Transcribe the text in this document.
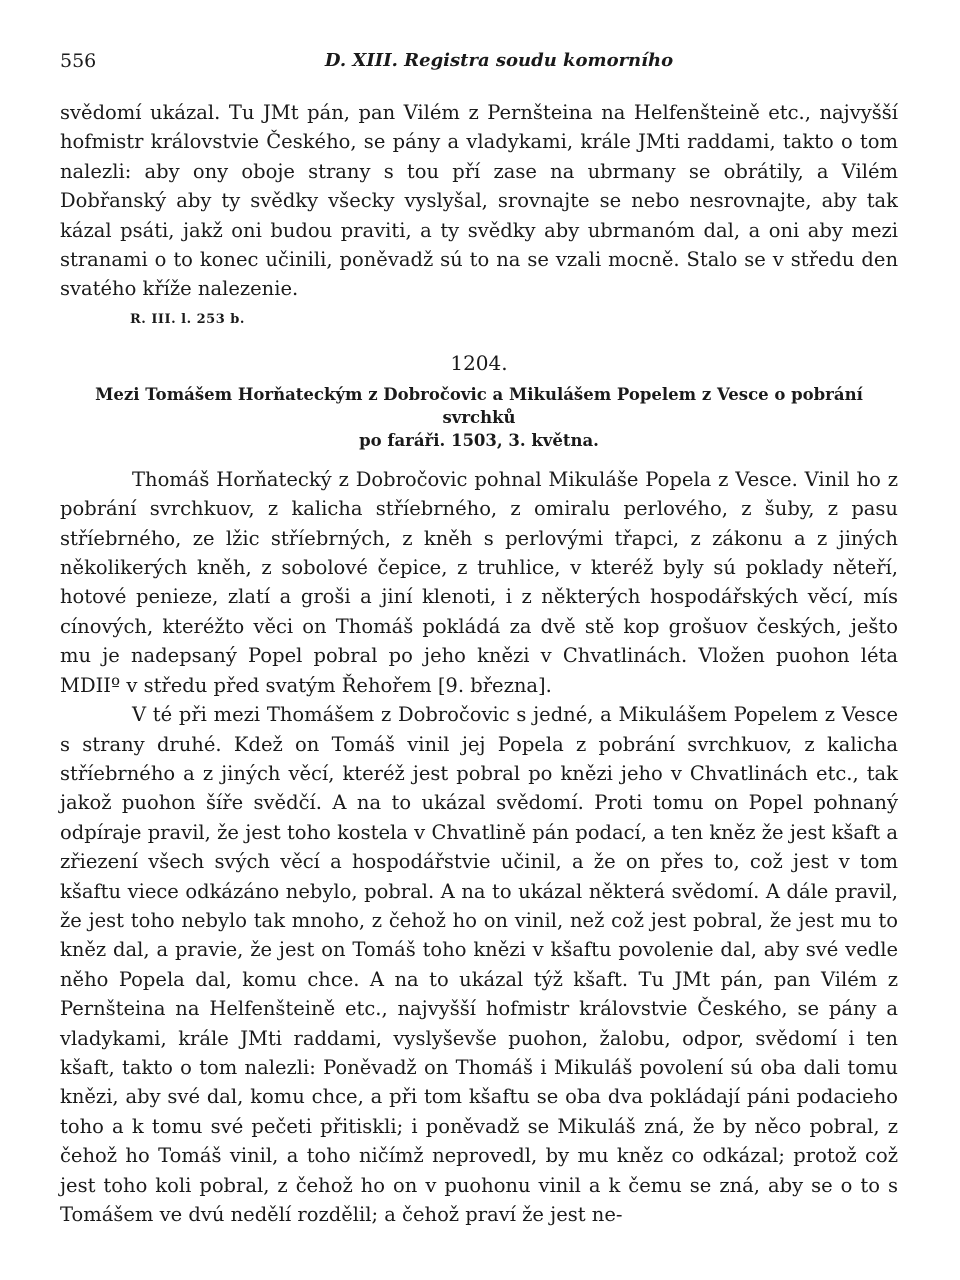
556	D. XIII. Registra soudu komorního

svědomí ukázal. Tu JMt pán, pan Vilém z Pernšteina na Helfenšteině etc., najvyšší hofmistr královstvie Českého, se pány a vladykami, krále JMti raddami, takto o tom nalezli: aby ony oboje strany s tou pří zase na ubrmany se obrátily, a Vilém Dobřanský aby ty svědky všecky vyslyšal, srovnajte se nebo nesrovnajte, aby tak kázal psáti, jakž oni budou praviti, a ty svědky aby ubrmanóm dal, a oni aby mezi stranami o to konec učinili, poněvadž sú to na se vzali mocně. Stalo se v středu den svatého kříže nalezenie.

R. III. l. 253 b.
1204.
Mezi Tomášem Horňateckým z Dobročovic a Mikulášem Popelem z Vesce o pobrání svrchků
po faráři. 1503, 3. května.

Thomáš Horňatecký z Dobročovic pohnal Mikuláše Popela z Vesce. Vinil ho z pobrání svrchkuov, z kalicha stříebrného, z omiralu perlového, z šuby, z pasu stříebrného, ze lžic stříebrných, z kněh s perlovými třapci, z zákonu a z jiných několikerých kněh, z sobolové čepice, z truhlice, v kteréž byly sú poklady něteří, hotové penieze, zlatí a groši a jiní klenoti, i z některých hospodářských věcí, mís cínových, kteréžto věci on Thomáš pokládá za dvě stě kop grošuov českých, ješto mu je nadepsaný Popel pobral po jeho knězi v Chvatlinách. Vložen puohon léta MDIIº v středu před svatým Řehořem [9. března].

V té při mezi Thomášem z Dobročovic s jedné, a Mikulášem Popelem z Vesce s strany druhé. Kdež on Tomáš vinil jej Popela z pobrání svrchkuov, z kalicha stříebrného a z jiných věcí, kteréž jest pobral po knězi jeho v Chvatlinách etc., tak jakož puohon šíře svědčí. A na to ukázal svědomí. Proti tomu on Popel pohnaný odpíraje pravil, že jest toho kostela v Chvatlině pán podací, a ten kněz že jest kšaft a zřiezení všech svých věcí a hospodářstvie učinil, a že on přes to, což jest v tom kšaftu viece odkázáno nebylo, pobral. A na to ukázal některá svědomí. A dále pravil, že jest toho nebylo tak mnoho, z čehož ho on vinil, než což jest pobral, že jest mu to kněz dal, a pravie, že jest on Tomáš toho knězi v kšaftu povolenie dal, aby své vedle něho Popela dal, komu chce. A na to ukázal týž kšaft. Tu JMt pán, pan Vilém z Pernšteina na Helfenšteině etc., najvyšší hofmistr královstvie Českého, se pány a vladykami, krále JMti raddami, vyslyševše puohon, žalobu, odpor, svědomí i ten kšaft, takto o tom nalezli: Poněvadž on Thomáš i Mikuláš povolení sú oba dali tomu knězi, aby své dal, komu chce, a při tom kšaftu se oba dva pokládají páni podacieho toho a k tomu své pečeti přitiskli; i poněvadž se Mikuláš zná, že by něco pobral, z čehož ho Tomáš vinil, a toho ničímž neprovedl, by mu kněz co odkázal; protož což jest toho koli pobral, z čehož ho on v puohonu vinil a k čemu se zná, aby se o to s Tomášem ve dvú nedělí rozdělil; a čehož praví že jest ne-
